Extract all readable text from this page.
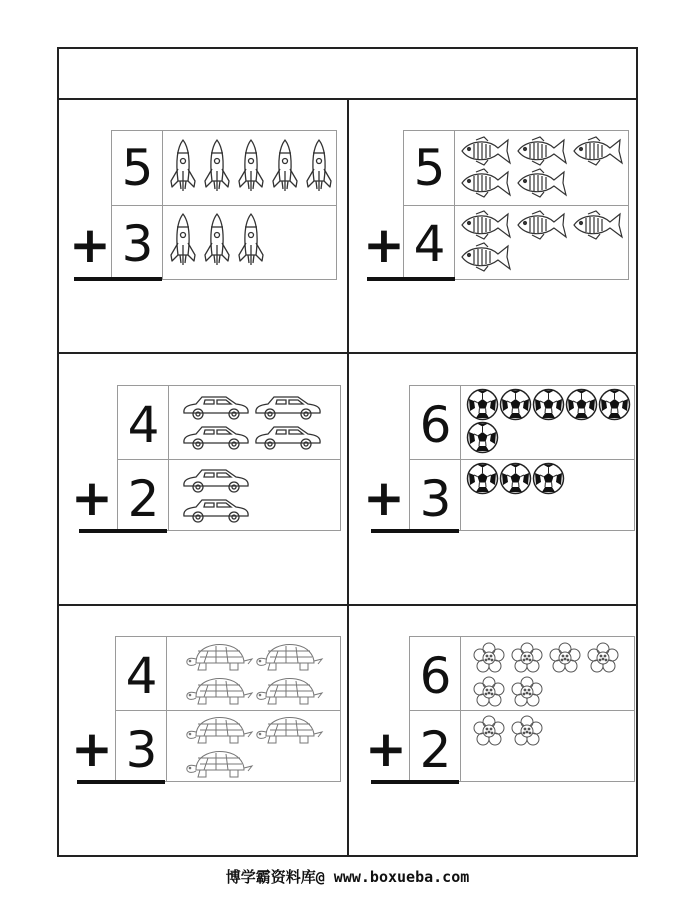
5
3
+
5
4
+
4
2
+
6
3
+
4
3
+
6
2
+
博学霸资料库@ www.boxueba.com
